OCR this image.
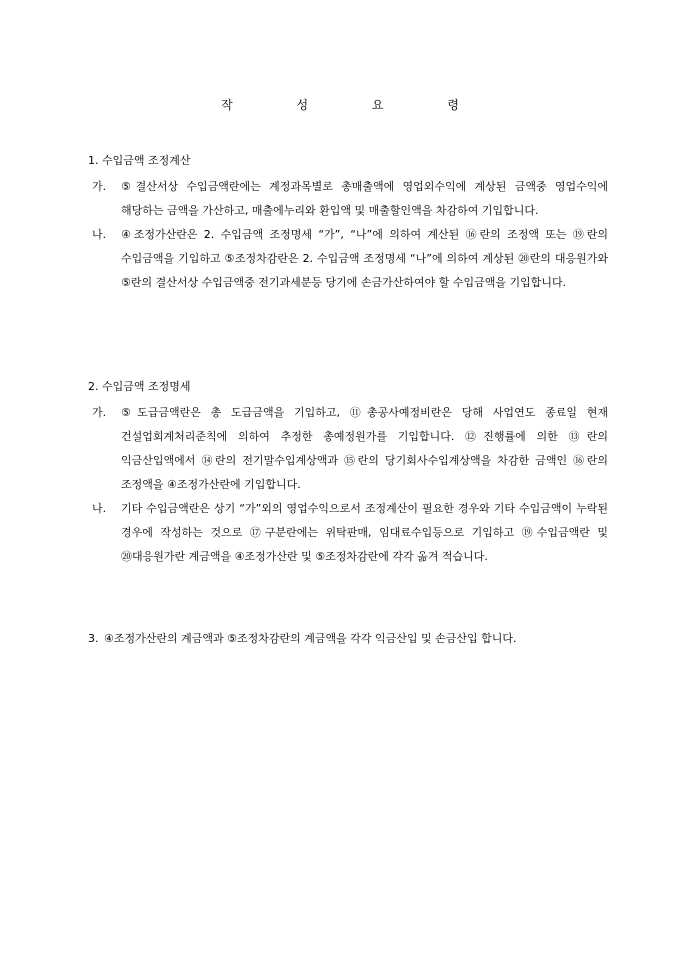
작 성 요 령
1. 수입금액 조정계산
가. ⑤결산서상 수입금액란에는 계정과목별로 총매출액에 영업외수익에 계상된 금액중 영업수익에 해당하는 금액을 가산하고, 매출에누리와 환입액 및 매출할인액을 차감하여 기입합니다.
나. ④조정가산란은 2. 수입금액 조정명세 “가”, “나”에 의하여 계산된 ⑯란의 조정액 또는 ⑲란의 수입금액을 기입하고 ⑤조정차감란은 2. 수입금액 조정명세 “나”에 의하여 계상된 ⑳란의 대응원가와 ⑤란의 결산서상 수입금액중 전기과세분등 당기에 손금가산하여야 할 수입금액을 기입합니다.
2. 수입금액 조정명세
가. ⑤도급금액란은 총 도급금액을 기입하고, ⑪총공사예정비란은 당해 사업연도 종료일 현재 건설업회계처리준칙에 의하여 추정한 총예정원가를 기입합니다. ⑫진행률에 의한 ⑬란의 익금산입액에서 ⑭란의 전기말수입계상액과 ⑮란의 당기회사수입계상액을 차감한 금액인 ⑯란의 조정액을 ④조정가산란에 기입합니다.
나. 기타 수입금액란은 상기 “가”외의 영업수익으로서 조정계산이 필요한 경우와 기타 수입금액이 누락된 경우에 작성하는 것으로 ⑰구분란에는 위탁판매, 임대료수입등으로 기입하고 ⑲수입금액란 및 ⑳대응원가란 계금액을 ④조정가산란 및 ⑤조정차감란에 각각 옮겨 적습니다.
3. ④조정가산란의 계금액과 ⑤조정차감란의 계금액을 각각 익금산입 및 손금산입 합니다.
